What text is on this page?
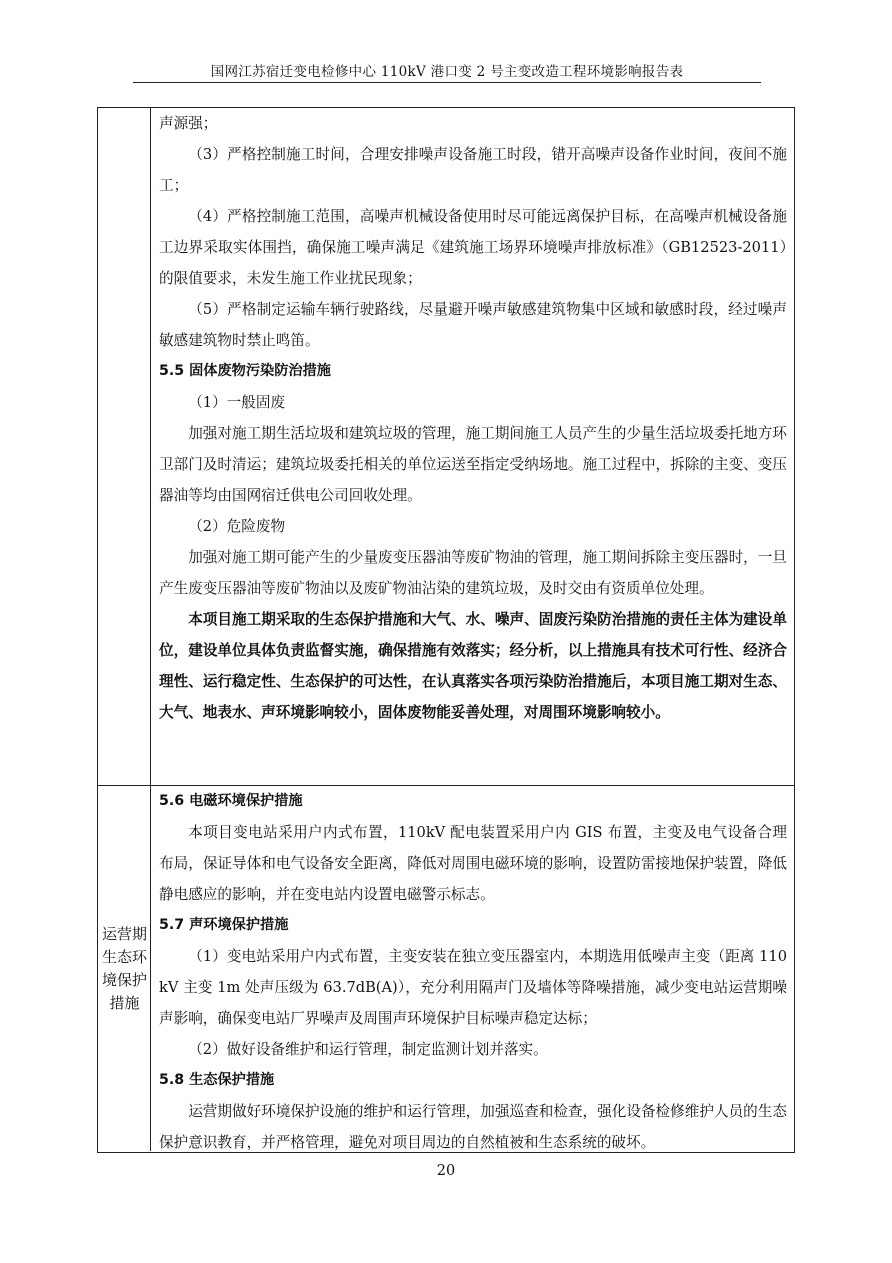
国网江苏宿迁变电检修中心 110kV 港口变 2 号主变改造工程环境影响报告表

声源强；

（3）严格控制施工时间，合理安排噪声设备施工时段，错开高噪声设备作业时间，夜间不施工；

（4）严格控制施工范围，高噪声机械设备使用时尽可能远离保护目标，在高噪声机械设备施工边界采取实体围挡，确保施工噪声满足《建筑施工场界环境噪声排放标准》（GB12523-2011）的限值要求，未发生施工作业扰民现象；

（5）严格制定运输车辆行驶路线，尽量避开噪声敏感建筑物集中区域和敏感时段，经过噪声敏感建筑物时禁止鸣笛。

5.5 固体废物污染防治措施

（1）一般固废

加强对施工期生活垃圾和建筑垃圾的管理，施工期间施工人员产生的少量生活垃圾委托地方环卫部门及时清运；建筑垃圾委托相关的单位运送至指定受纳场地。施工过程中，拆除的主变、变压器油等均由国网宿迁供电公司回收处理。

（2）危险废物

加强对施工期可能产生的少量废变压器油等废矿物油的管理，施工期间拆除主变压器时，一旦产生废变压器油等废矿物油以及废矿物油沾染的建筑垃圾，及时交由有资质单位处理。

本项目施工期采取的生态保护措施和大气、水、噪声、固废污染防治措施的责任主体为建设单位，建设单位具体负责监督实施，确保措施有效落实；经分析，以上措施具有技术可行性、经济合理性、运行稳定性、生态保护的可达性，在认真落实各项污染防治措施后，本项目施工期对生态、大气、地表水、声环境影响较小，固体废物能妥善处理，对周围环境影响较小。

运营期生态环境保护措施

5.6 电磁环境保护措施

本项目变电站采用户内式布置，110kV 配电装置采用户内 GIS 布置，主变及电气设备合理布局，保证导体和电气设备安全距离，降低对周围电磁环境的影响，设置防雷接地保护装置，降低静电感应的影响，并在变电站内设置电磁警示标志。

5.7 声环境保护措施

（1）变电站采用户内式布置，主变安装在独立变压器室内，本期选用低噪声主变（距离 110kV 主变 1m 处声压级为 63.7dB(A)），充分利用隔声门及墙体等降噪措施，减少变电站运营期噪声影响，确保变电站厂界噪声及周围声环境保护目标噪声稳定达标；

（2）做好设备维护和运行管理，制定监测计划并落实。

5.8 生态保护措施

运营期做好环境保护设施的维护和运行管理，加强巡查和检查，强化设备检修维护人员的生态保护意识教育，并严格管理，避免对项目周边的自然植被和生态系统的破坏。

20
